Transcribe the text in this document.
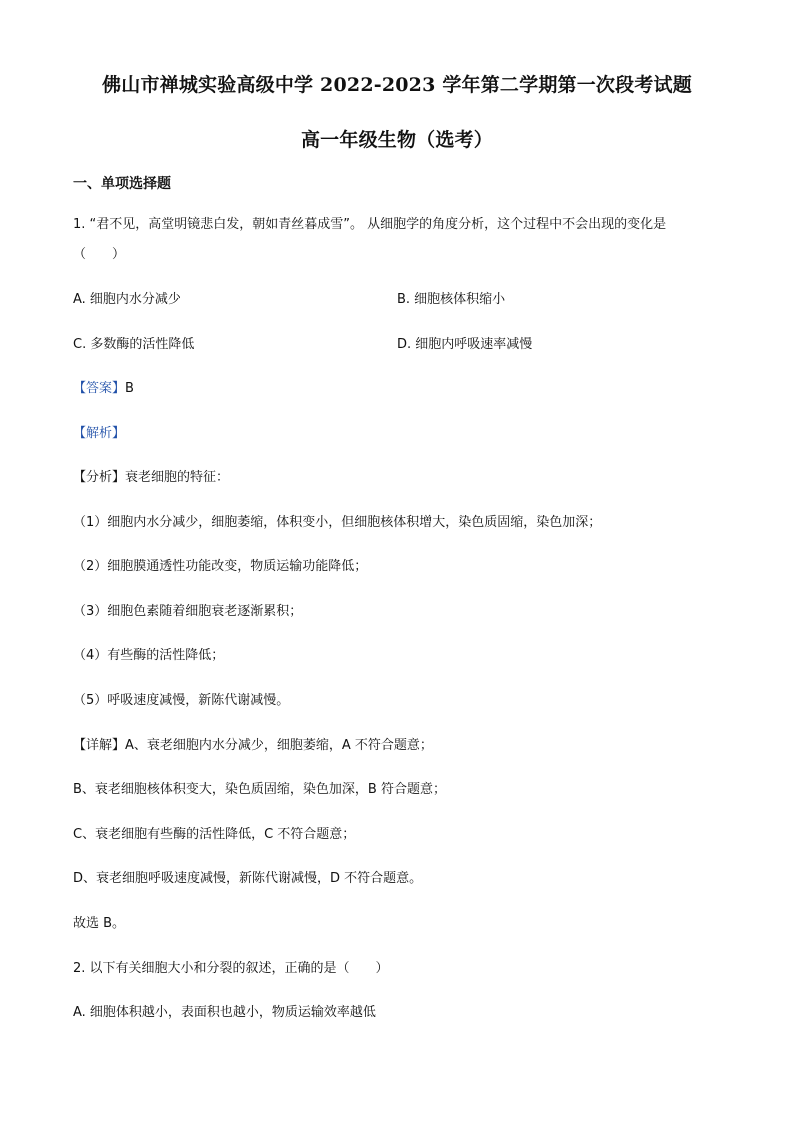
佛山市禅城实验高级中学 2022-2023 学年第二学期第一次段考试题
高一年级生物（选考）
一、单项选择题
1. “君不见，高堂明镜悲白发，朝如青丝暮成雪”。 从细胞学的角度分析，这个过程中不会出现的变化是
（　　）
A. 细胞内水分减少	B. 细胞核体积缩小
C. 多数酶的活性降低	D. 细胞内呼吸速率减慢
【答案】B
【解析】
【分析】衰老细胞的特征：
（1）细胞内水分减少，细胞萎缩，体积变小，但细胞核体积增大，染色质固缩，染色加深；
（2）细胞膜通透性功能改变，物质运输功能降低；
（3）细胞色素随着细胞衰老逐渐累积；
（4）有些酶的活性降低；
（5）呼吸速度减慢，新陈代谢减慢。
【详解】A、衰老细胞内水分减少，细胞萎缩，A 不符合题意；
B、衰老细胞核体积变大，染色质固缩，染色加深，B 符合题意；
C、衰老细胞有些酶的活性降低，C 不符合题意；
D、衰老细胞呼吸速度减慢，新陈代谢减慢，D 不符合题意。
故选 B。
2. 以下有关细胞大小和分裂的叙述，正确的是（　　）
A. 细胞体积越小，表面积也越小，物质运输效率越低
